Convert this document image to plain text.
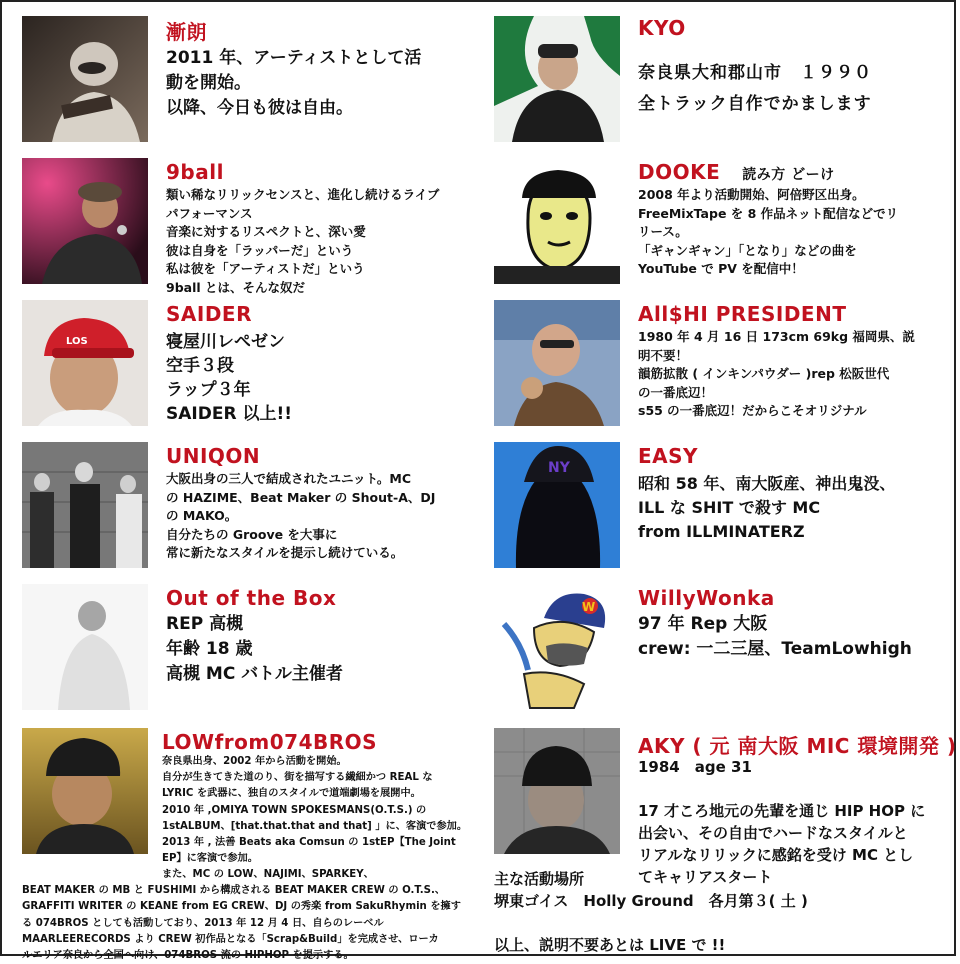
漸朗
2011 年、アーティストとして活
動を開始。
以降、今日も彼は自由。
KYO
奈良県大和郡山市　１９９０
全トラック自作でかまします
9ball
類い稀なリリックセンスと、進化し続けるライブ
パフォーマンス
音楽に対するリスペクトと、深い愛
彼は自身を「ラッパーだ」という
私は彼を「アーティストだ」という
9ball とは、そんな奴だ
DOOKE 読み方 どーけ
2008 年より活動開始、阿倍野区出身。
FreeMixTape を 8 作品ネット配信などでリ
リース。
「ギャンギャン」「となり」などの曲を
YouTube で PV を配信中！
LOS
SAIDER
寝屋川レペゼン
空手３段
ラップ３年
SAIDER 以上!!
All$HI PRESIDENT
1980 年 4 月 16 日 173cm 69kg 福岡県、説
明不要！
韻筋拡散 ( インキンパウダー )rep 松阪世代
の一番底辺！
s55 の一番底辺！だからこそオリジナル
UNIQON
大阪出身の三人で結成されたユニット。MC
の HAZIME、Beat Maker の Shout-A、DJ
の MAKO。
自分たちの Groove を大事に
常に新たなスタイルを提示し続けている。
NY	EASY
昭和 58 年、南大阪産、神出鬼没、
ILL な SHIT で殺す MC
from ILLMINATERZ
Out of the Box
REP 高槻
年齢 18 歳
高槻 MC バトル主催者
W WillyWonka
97 年 Rep 大阪
crew: 一二三屋、TeamLowhigh
LOWfrom074BROS
奈良県出身、2002 年から活動を開始。
自分が生きてきた道のり、街を描写する繊細かつ REAL な
LYRIC を武器に、独自のスタイルで道端劇場を展開中。
2010 年 ,OMIYA TOWN SPOKESMANS(O.T.S.) の
1stALBUM、[that.that.that and that] 」に、客演で参加。
2013 年 , 法善 Beats aka Comsun の 1stEP【The Joint
EP】に客演で参加。
また、MC の LOW、NAJIMI、SPARKEY、
BEAT MAKER の MB と FUSHIMI から構成される BEAT MAKER CREW の O.T.S.、
GRAFFITI WRITER の KEANE from EG CREW、DJ の秀楽 from SakuRhymin を擁す
る 074BROS としても活動しており、2013 年 12 月 4 日、自らのレーベル
MAARLEERECORDS より CREW 初作品となる「Scrap&Build」を完成させ、ローカ
ルエリア奈良から全国へ向け、074BROS 流の HIPHOP を提示する。
AKY ( 元 南大阪 MIC 環境開発 )
1984　age 31
17 才ころ地元の先輩を通じ HIP HOP に
出会い、その自由でハードなスタイルと
リアルなリリックに感銘を受け MC とし
てキャリアスタート
主な活動場所
堺東ゴイス　Holly Ground　各月第３( 土 )
以上、説明不要あとは LIVE で !!
